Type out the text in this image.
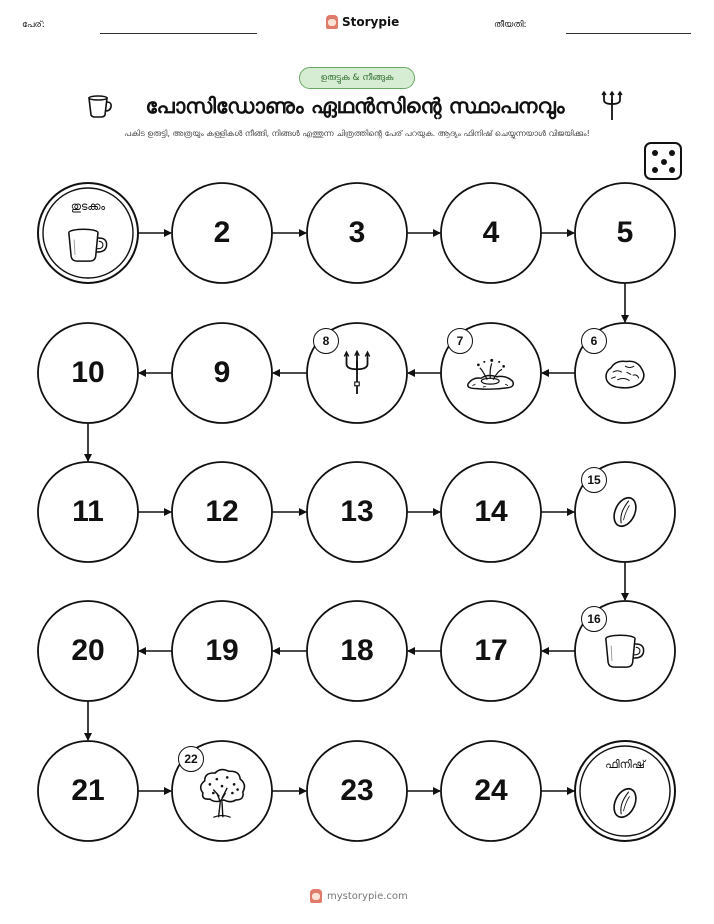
പേര്:	Storypie	തീയതി:
ഉരുട്ടുക & നീങ്ങുക
പോസിഡോണും ഏഥൻസിന്റെ സ്ഥാപനവും
പകിട ഉരുട്ടി, അത്രയും കള്ളികൾ നീങ്ങി, നിങ്ങൾ എത്തുന്ന ചിത്രത്തിന്റെ പേര് പറയുക. ആദ്യം ഫിനിഷ് ചെയ്യുന്നയാൾ വിജയിക്കും!
തുടക്കം
2	3	4	5
6
7
8
9
10
11	12	13	14
15
16
17
18
19
20
21
22
23	24
ഫിനിഷ്
mystorypie.com
